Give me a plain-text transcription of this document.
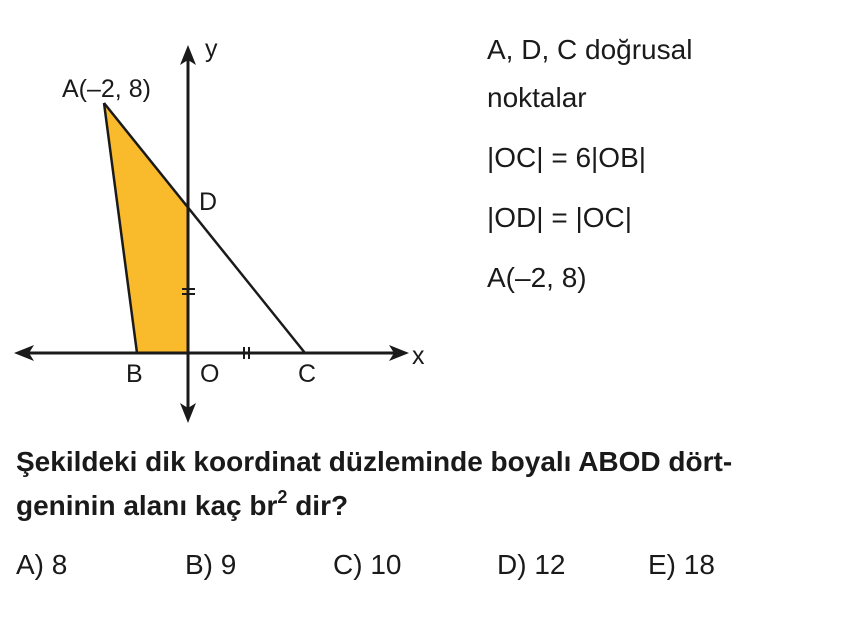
A(–2, 8)
D
B O	C
x
y	A, D, C doğrusal
noktalar
|OC| = 6|OB|
|OD| = |OC|
A(–2, 8)
Şekildeki dik koordinat düzleminde boyalı ABOD dört-
geninin alanı kaç $br^2$ dir?
A) 8	B) 9	C) 10	D) 12	E) 18
